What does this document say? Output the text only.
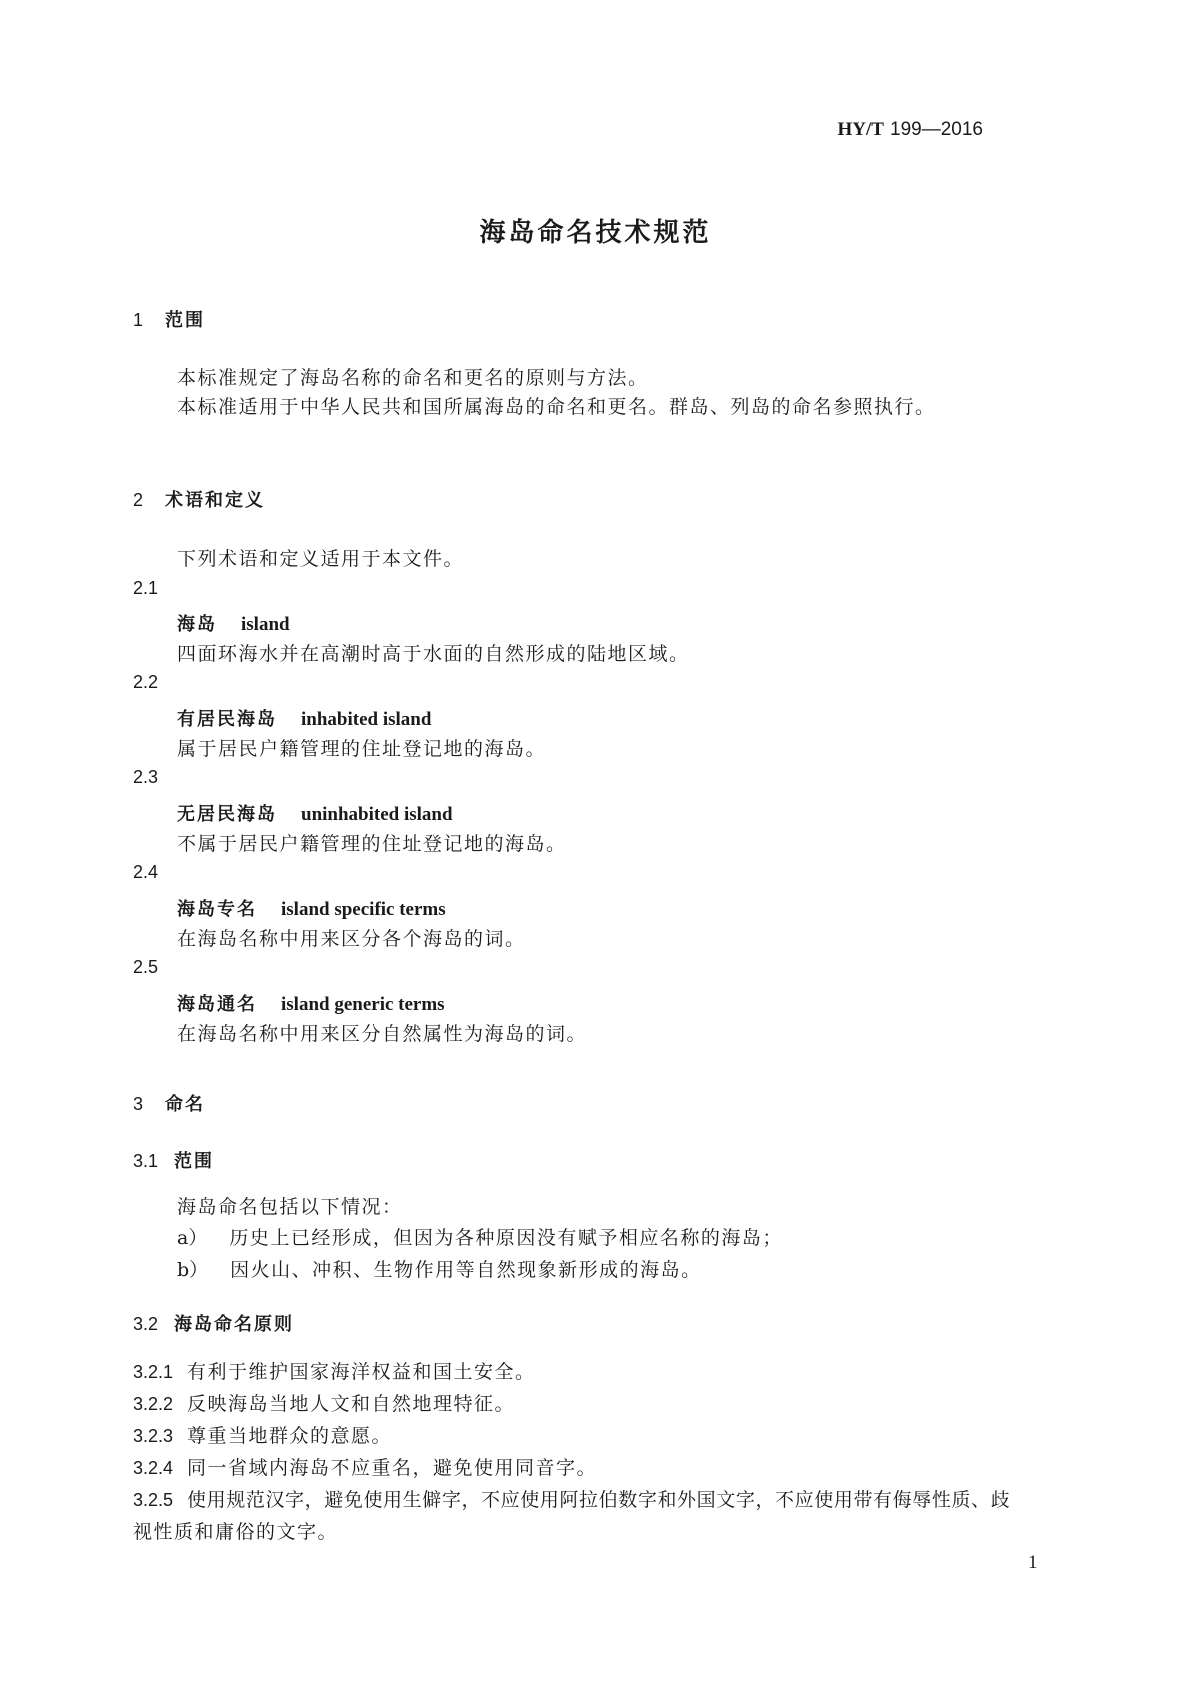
HY/T 199—2016
海岛命名技术规范
1 范围
本标准规定了海岛名称的命名和更名的原则与方法。
本标准适用于中华人民共和国所属海岛的命名和更名。群岛、列岛的命名参照执行。
2 术语和定义
下列术语和定义适用于本文件。
2.1
海岛 island
四面环海水并在高潮时高于水面的自然形成的陆地区域。
2.2
有居民海岛 inhabited island
属于居民户籍管理的住址登记地的海岛。
2.3
无居民海岛 uninhabited island
不属于居民户籍管理的住址登记地的海岛。
2.4
海岛专名 island specific terms
在海岛名称中用来区分各个海岛的词。
2.5
海岛通名 island generic terms
在海岛名称中用来区分自然属性为海岛的词。
3 命名
3.1 范围
海岛命名包括以下情况：
a） 历史上已经形成，但因为各种原因没有赋予相应名称的海岛；
b） 因火山、冲积、生物作用等自然现象新形成的海岛。
3.2 海岛命名原则
3.2.1 有利于维护国家海洋权益和国土安全。
3.2.2 反映海岛当地人文和自然地理特征。
3.2.3 尊重当地群众的意愿。
3.2.4 同一省域内海岛不应重名，避免使用同音字。
3.2.5 使用规范汉字，避免使用生僻字，不应使用阿拉伯数字和外国文字，不应使用带有侮辱性质、歧
视性质和庸俗的文字。
1
